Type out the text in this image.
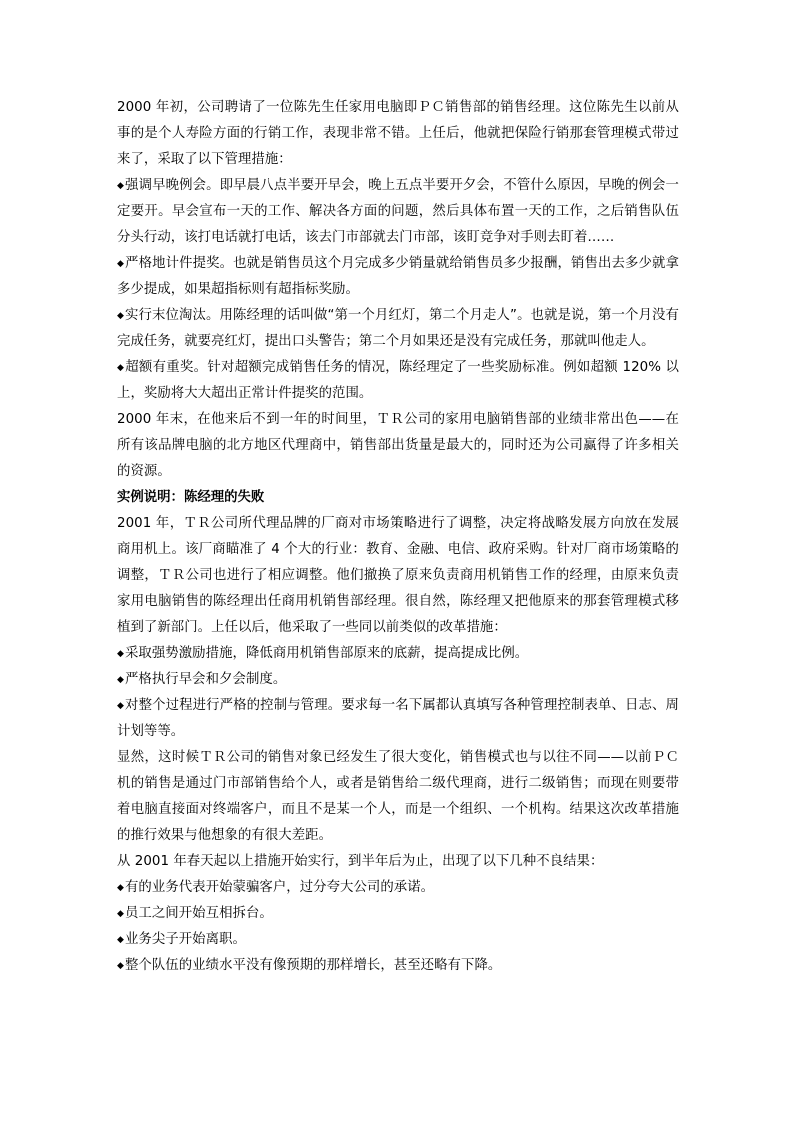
2000 年初，公司聘请了一位陈先生任家用电脑即ＰＣ销售部的销售经理。这位陈先生以前从事的是个人寿险方面的行销工作，表现非常不错。上任后，他就把保险行销那套管理模式带过来了，采取了以下管理措施：

◆强调早晚例会。即早晨八点半要开早会，晚上五点半要开夕会，不管什么原因，早晚的例会一定要开。早会宣布一天的工作、解决各方面的问题，然后具体布置一天的工作，之后销售队伍分头行动，该打电话就打电话，该去门市部就去门市部，该盯竞争对手则去盯着……

◆严格地计件提奖。也就是销售员这个月完成多少销量就给销售员多少报酬，销售出去多少就拿多少提成，如果超指标则有超指标奖励。

◆实行末位淘汰。用陈经理的话叫做“第一个月红灯，第二个月走人”。也就是说，第一个月没有完成任务，就要亮红灯，提出口头警告；第二个月如果还是没有完成任务，那就叫他走人。

◆超额有重奖。针对超额完成销售任务的情况，陈经理定了一些奖励标准。例如超额 120% 以上，奖励将大大超出正常计件提奖的范围。

2000 年末，在他来后不到一年的时间里，ＴＲ公司的家用电脑销售部的业绩非常出色——在所有该品牌电脑的北方地区代理商中，销售部出货量是最大的，同时还为公司赢得了许多相关的资源。

实例说明：陈经理的失败

2001 年，ＴＲ公司所代理品牌的厂商对市场策略进行了调整，决定将战略发展方向放在发展商用机上。该厂商瞄准了 4 个大的行业：教育、金融、电信、政府采购。针对厂商市场策略的调整，ＴＲ公司也进行了相应调整。他们撤换了原来负责商用机销售工作的经理，由原来负责家用电脑销售的陈经理出任商用机销售部经理。很自然，陈经理又把他原来的那套管理模式移植到了新部门。上任以后，他采取了一些同以前类似的改革措施：

◆采取强势激励措施，降低商用机销售部原来的底薪，提高提成比例。

◆严格执行早会和夕会制度。

◆对整个过程进行严格的控制与管理。要求每一名下属都认真填写各种管理控制表单、日志、周计划等等。

显然，这时候ＴＲ公司的销售对象已经发生了很大变化，销售模式也与以往不同——以前ＰＣ机的销售是通过门市部销售给个人，或者是销售给二级代理商，进行二级销售；而现在则要带着电脑直接面对终端客户，而且不是某一个人，而是一个组织、一个机构。结果这次改革措施的推行效果与他想象的有很大差距。

从 2001 年春天起以上措施开始实行，到半年后为止，出现了以下几种不良结果：

◆有的业务代表开始蒙骗客户，过分夸大公司的承诺。

◆员工之间开始互相拆台。

◆业务尖子开始离职。

◆整个队伍的业绩水平没有像预期的那样增长，甚至还略有下降。
